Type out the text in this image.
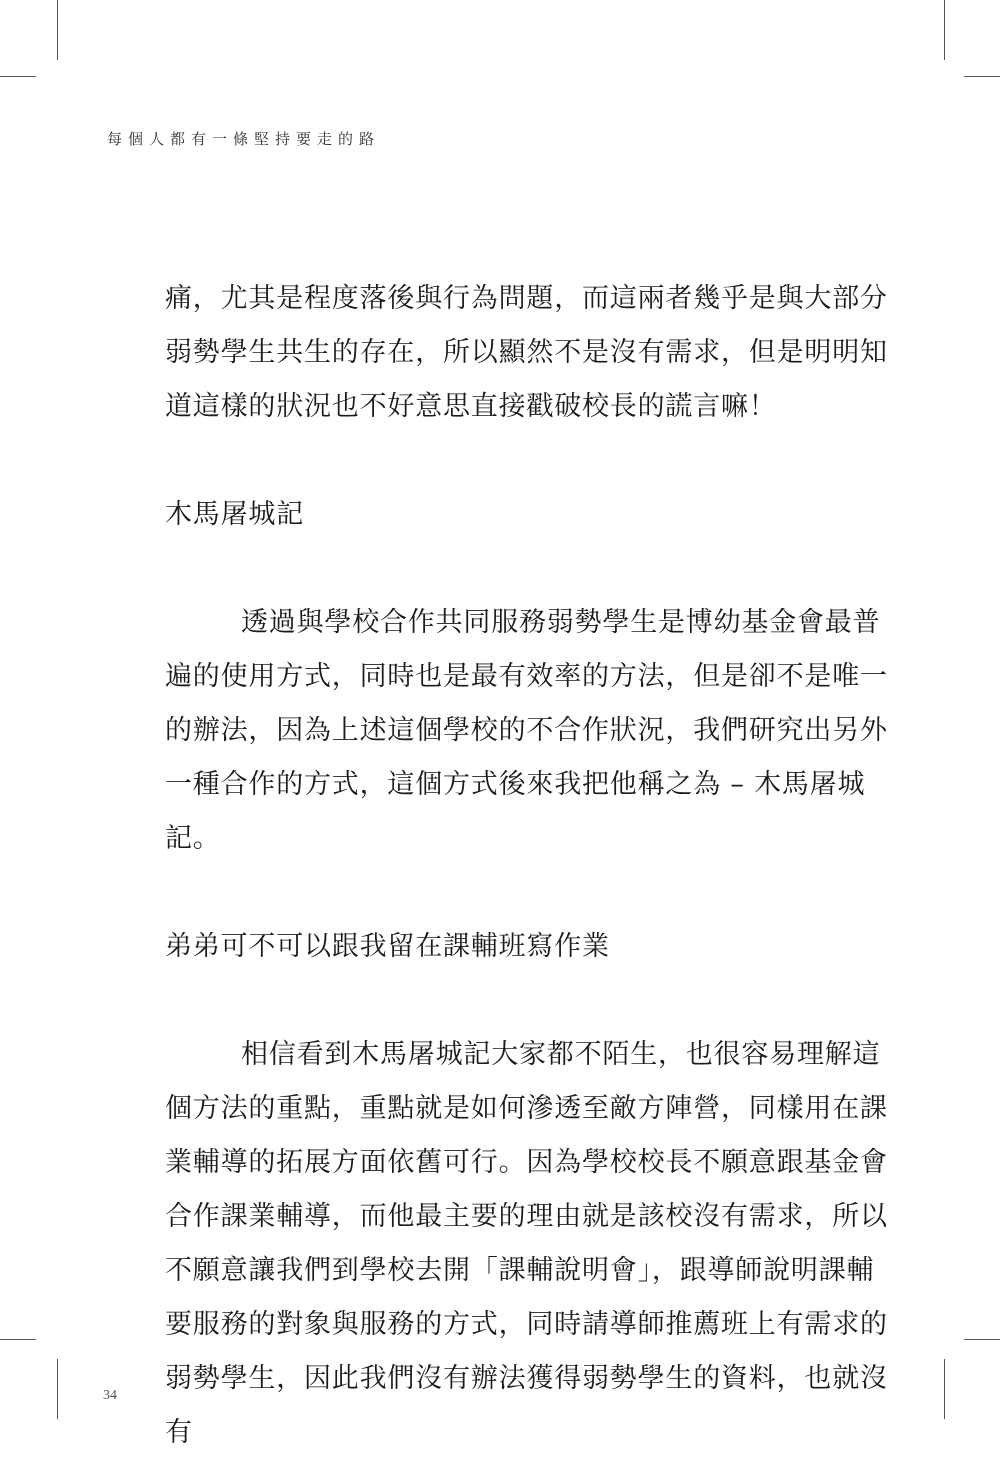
每個人都有一條堅持要走的路
痛，尤其是程度落後與行為問題，而這兩者幾乎是與大部分
弱勢學生共生的存在，所以顯然不是沒有需求，但是明明知
道這樣的狀況也不好意思直接戳破校長的謊言嘛！
木馬屠城記
透過與學校合作共同服務弱勢學生是博幼基金會最普
遍的使用方式，同時也是最有效率的方法，但是卻不是唯一
的辦法，因為上述這個學校的不合作狀況，我們研究出另外
一種合作的方式，這個方式後來我把他稱之為 – 木馬屠城
記。
弟弟可不可以跟我留在課輔班寫作業
相信看到木馬屠城記大家都不陌生，也很容易理解這
個方法的重點，重點就是如何滲透至敵方陣營，同樣用在課
業輔導的拓展方面依舊可行。因為學校校長不願意跟基金會
合作課業輔導，而他最主要的理由就是該校沒有需求，所以
不願意讓我們到學校去開「課輔說明會」，跟導師說明課輔
要服務的對象與服務的方式，同時請導師推薦班上有需求的
弱勢學生，因此我們沒有辦法獲得弱勢學生的資料，也就沒
有
34
